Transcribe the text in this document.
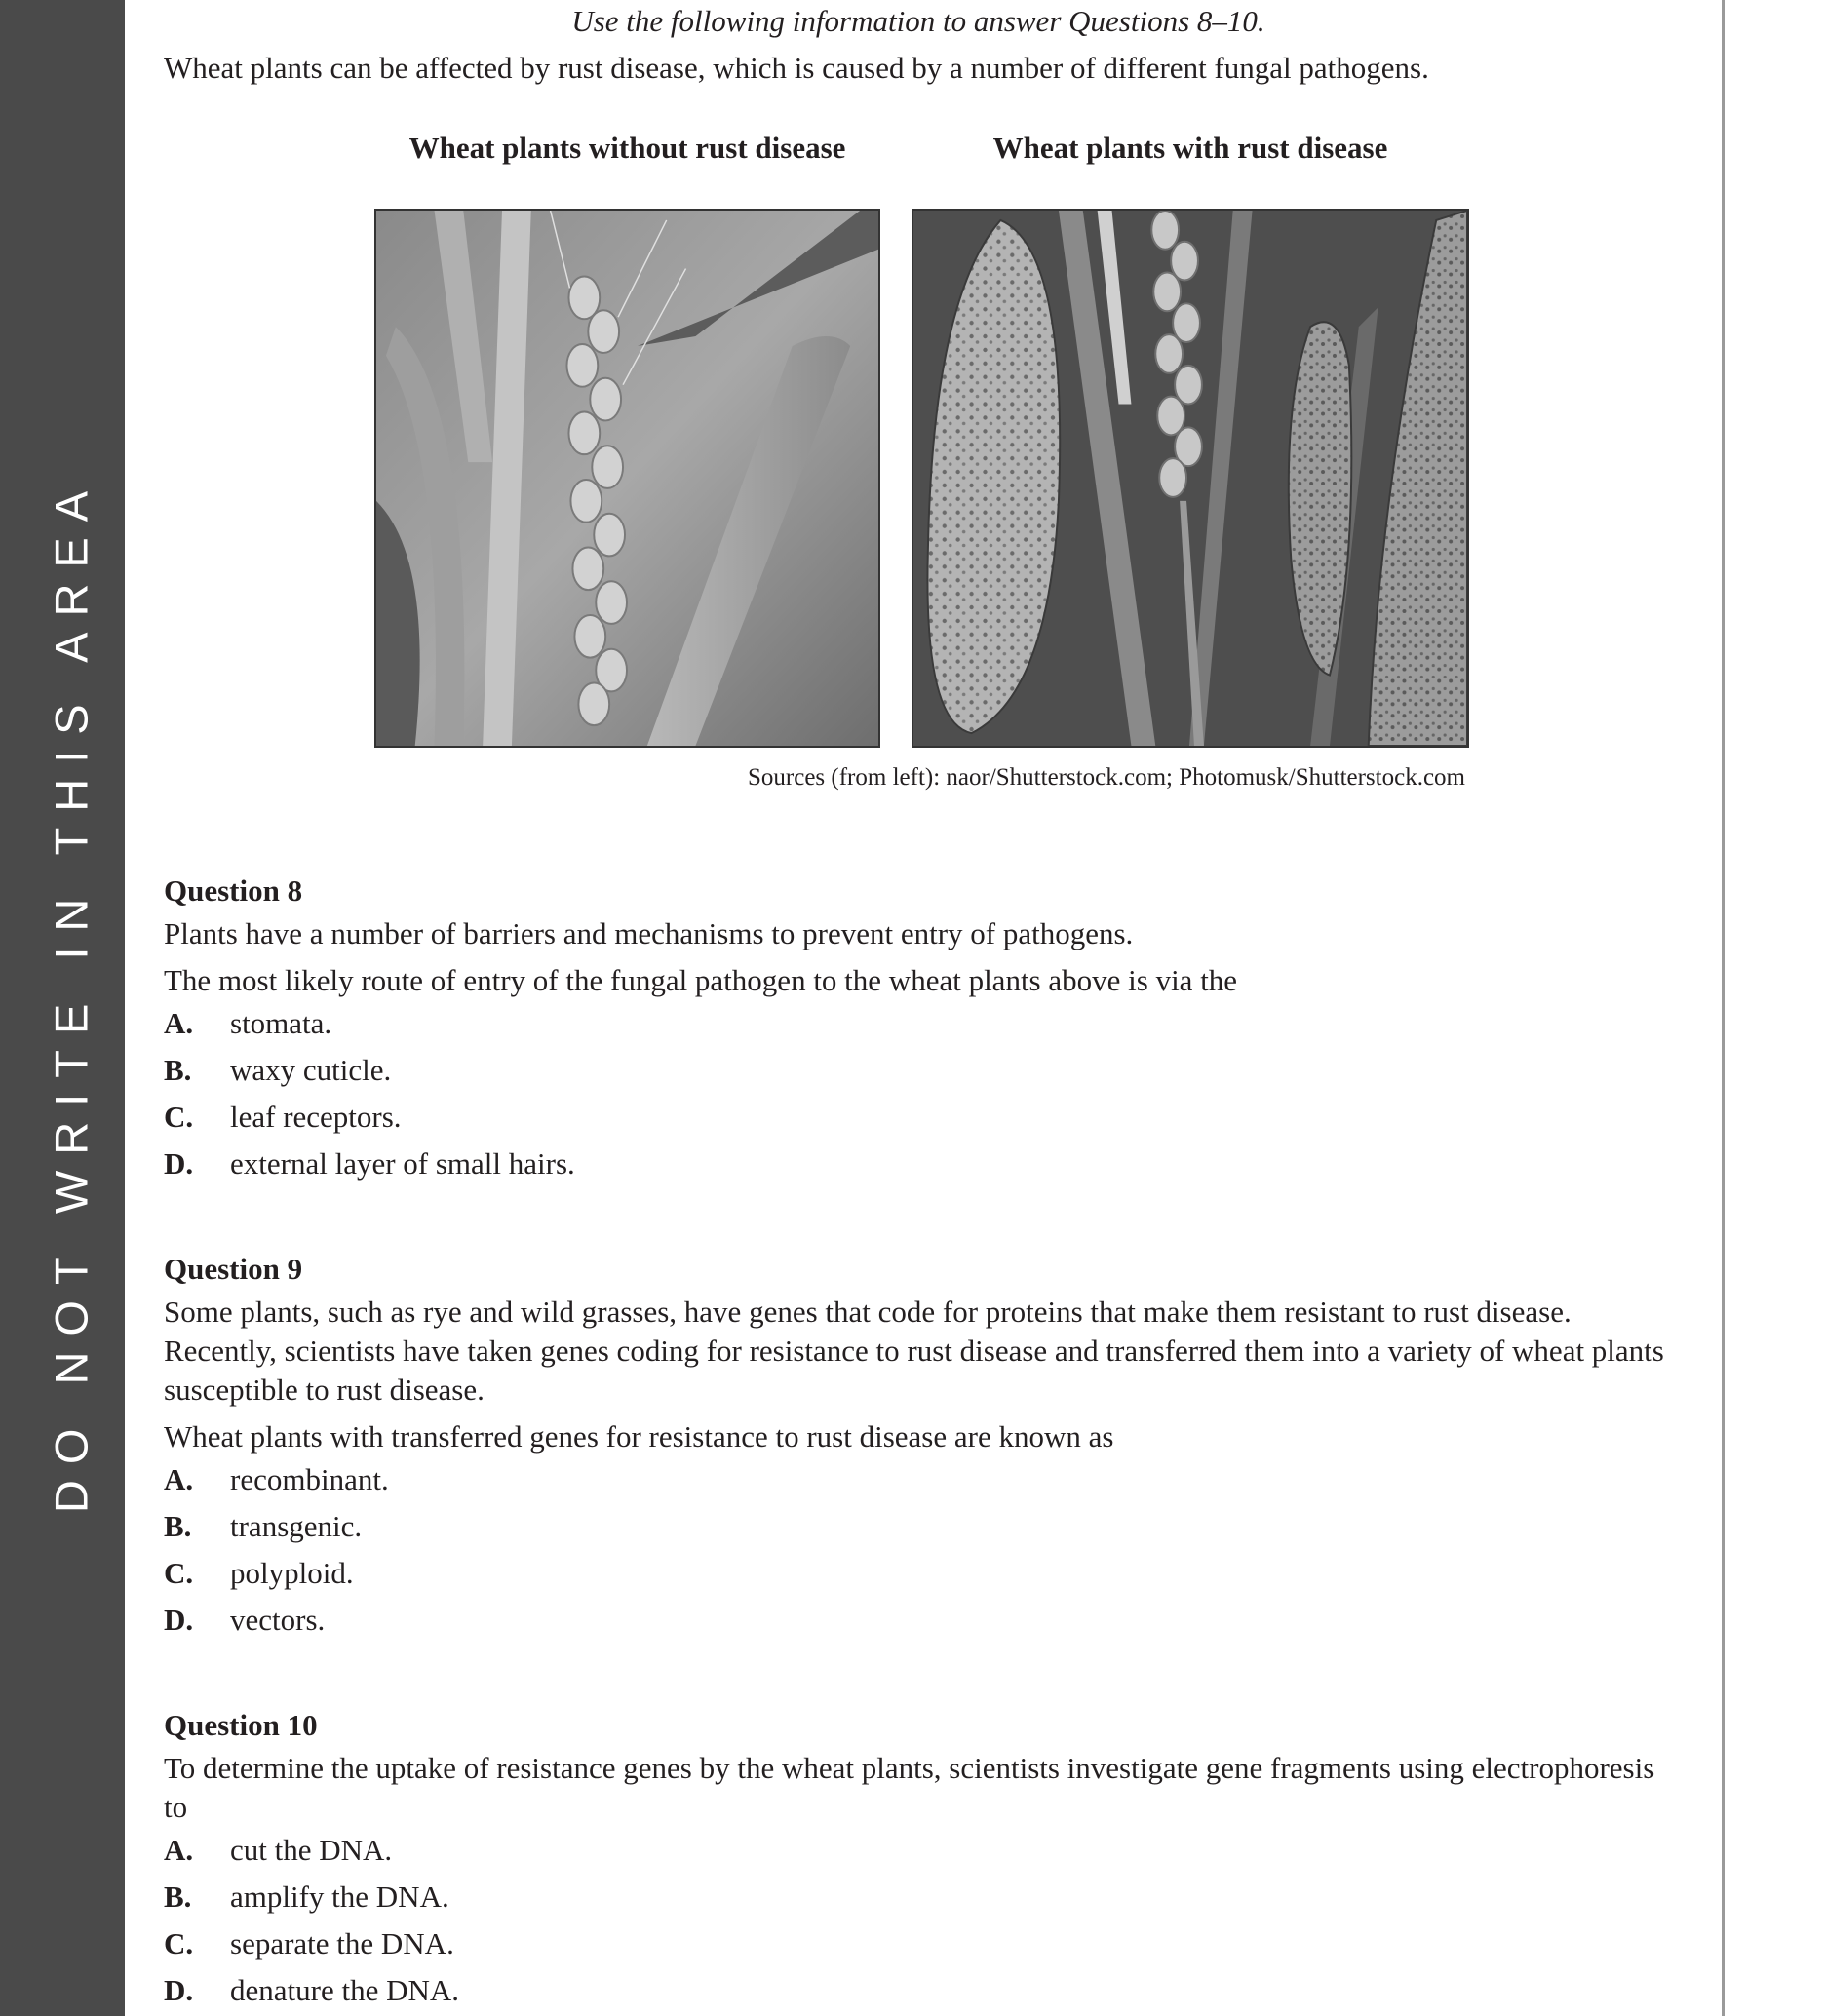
DO NOT WRITE IN THIS AREA
Use the following information to answer Questions 8–10.
Wheat plants can be affected by rust disease, which is caused by a number of different fungal pathogens.
Wheat plants without rust disease	Wheat plants with rust disease
Sources (from left): naor/Shutterstock.com; Photomusk/Shutterstock.com
Question 8
Plants have a number of barriers and mechanisms to prevent entry of pathogens.
The most likely route of entry of the fungal pathogen to the wheat plants above is via the
A.	stomata.
B.	waxy cuticle.
C.	leaf receptors.
D.	external layer of small hairs.
Question 9
Some plants, such as rye and wild grasses, have genes that code for proteins that make them resistant to rust disease. Recently, scientists have taken genes coding for resistance to rust disease and transferred them into a variety of wheat plants susceptible to rust disease.
Wheat plants with transferred genes for resistance to rust disease are known as
A.	recombinant.
B.	transgenic.
C.	polyploid.
D.	vectors.
Question 10
To determine the uptake of resistance genes by the wheat plants, scientists investigate gene fragments using electrophoresis to
A.	cut the DNA.
B.	amplify the DNA.
C.	separate the DNA.
D.	denature the DNA.
